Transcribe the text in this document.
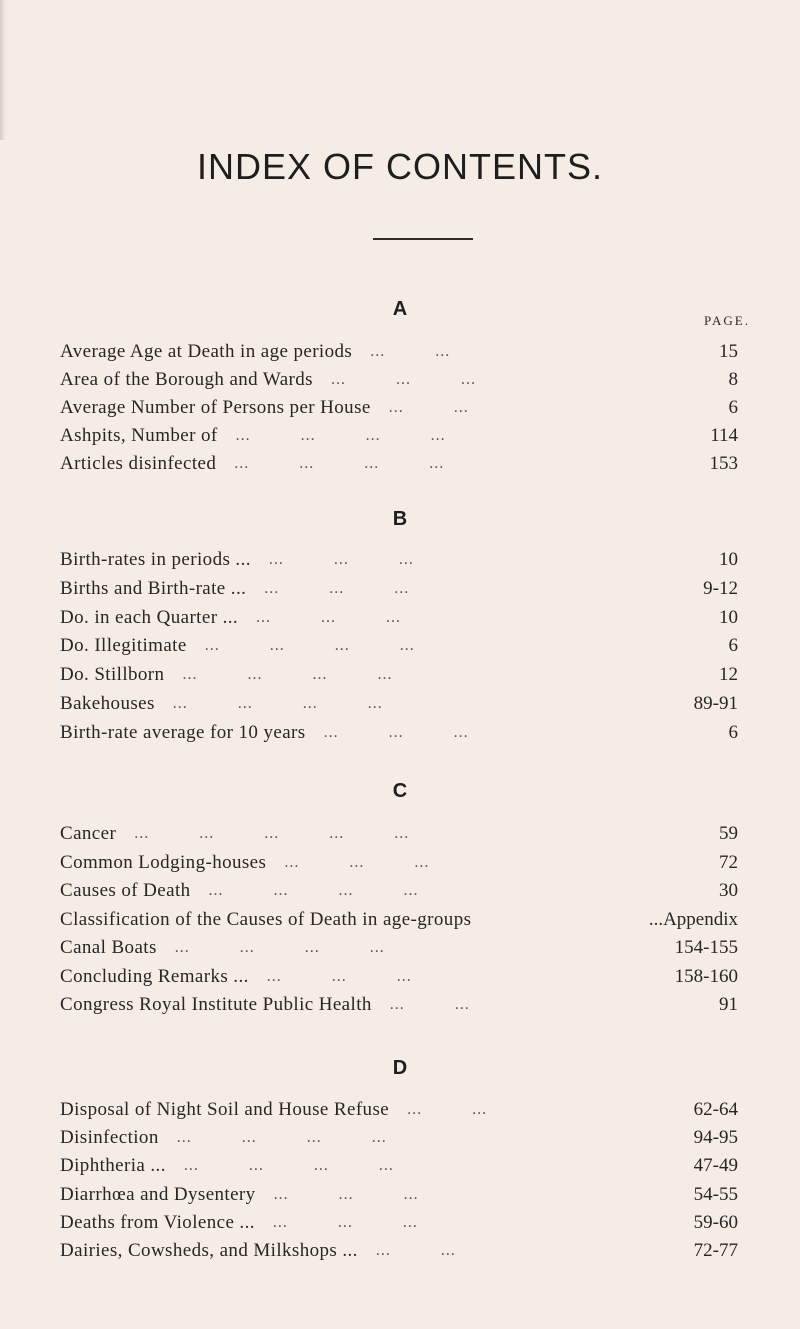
INDEX OF CONTENTS.
PAGE.
A
Average Age at Death in age periods ...          ...	15
Area of the Borough and Wards ...          ...          ...	8
Average Number of Persons per House ...          ...	6
Ashpits, Number of ...          ...          ...          ...	114
Articles disinfected ...          ...          ...          ...	153
B
Birth-rates in periods ... ...          ...          ...	10
Births and Birth-rate ... ...          ...          ...	9-12
Do. in each Quarter ... ...          ...          ...	10
Do. Illegitimate ...          ...          ...          ...	6
Do. Stillborn ...          ...          ...          ...	12
Bakehouses ...          ...          ...          ...	89-91
Birth-rate average for 10 years ...          ...          ...	6
C
Cancer ...          ...          ...          ...          ...	59
Common Lodging-houses ...          ...          ...	72
Causes of Death ...          ...          ...          ...	30
Classification of the Causes of Death in age-groups	...Appendix
Canal Boats ...          ...          ...          ...	154-155
Concluding Remarks ... ...          ...          ...	158-160
Congress Royal Institute Public Health ...          ...	91
D
Disposal of Night Soil and House Refuse ...          ...	62-64
Disinfection ...          ...          ...          ...	94-95
Diphtheria ... ...          ...          ...          ...	47-49
Diarrhœa and Dysentery ...          ...          ...	54-55
Deaths from Violence ... ...          ...          ...	59-60
Dairies, Cowsheds, and Milkshops ... ...          ...	72-77
